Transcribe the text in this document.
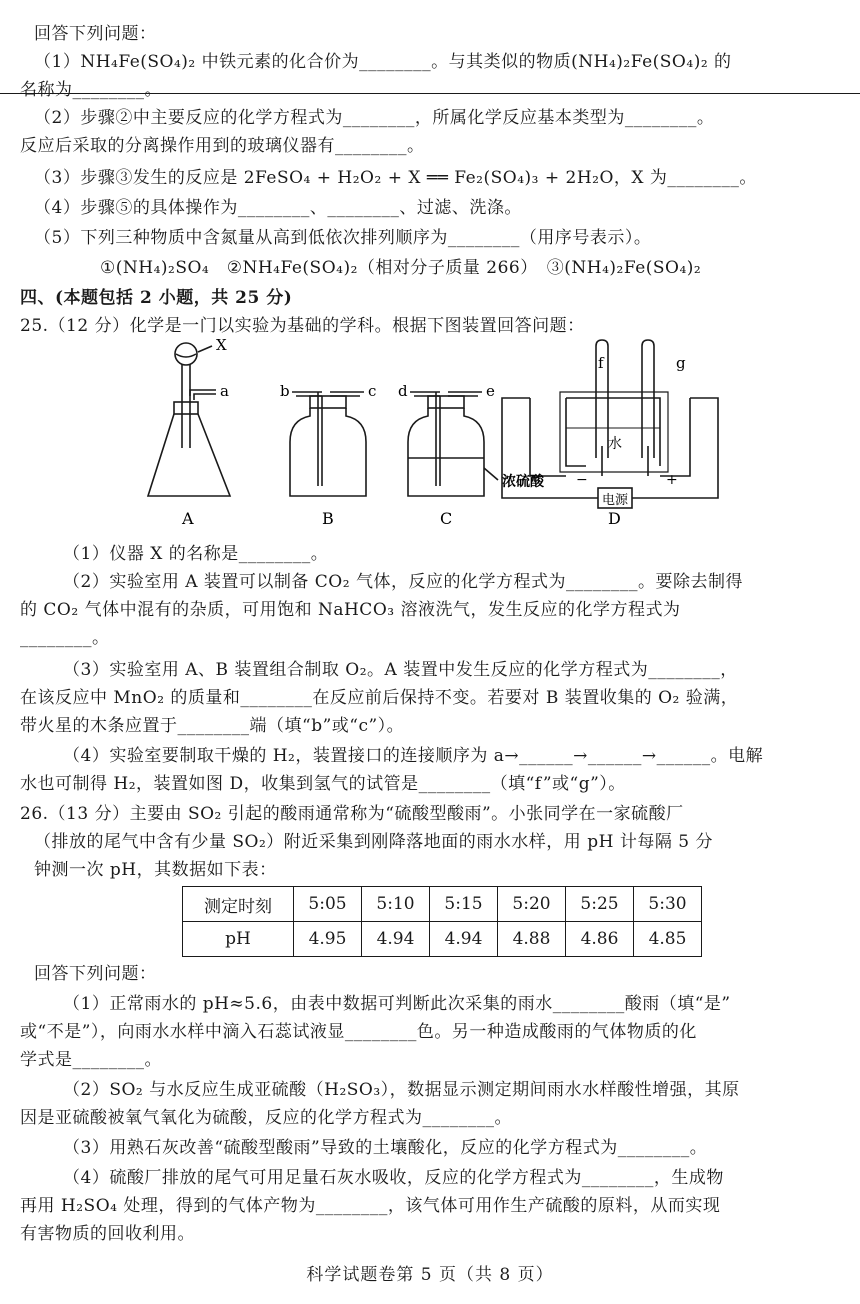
回答下列问题：
（1）NH₄Fe(SO₄)₂ 中铁元素的化合价为________。与其类似的物质(NH₄)₂Fe(SO₄)₂ 的
名称为________。
（2）步骤②中主要反应的化学方程式为________，所属化学反应基本类型为________。
反应后采取的分离操作用到的玻璃仪器有________。
（3）步骤③发生的反应是 2FeSO₄ + H₂O₂ + X ══ Fe₂(SO₄)₃ + 2H₂O，X 为________。
（4）步骤⑤的具体操作为________、________、过滤、洗涤。
（5）下列三种物质中含氮量从高到低依次排列顺序为________（用序号表示）。
①(NH₄)₂SO₄　②NH₄Fe(SO₄)₂（相对分子质量 266）　③(NH₄)₂Fe(SO₄)₂
四、(本题包括 2 小题，共 25 分)
25.（12 分）化学是一门以实验为基础的学科。根据下图装置回答问题：
X
a	b	c d	e
f	g
浓硫酸
水
电源
−	+
A	B	C	D
（1）仪器 X 的名称是________。
（2）实验室用 A 装置可以制备 CO₂ 气体，反应的化学方程式为________。要除去制得
的 CO₂ 气体中混有的杂质，可用饱和 NaHCO₃ 溶液洗气，发生反应的化学方程式为
________。
（3）实验室用 A、B 装置组合制取 O₂。A 装置中发生反应的化学方程式为________，
在该反应中 MnO₂ 的质量和________在反应前后保持不变。若要对 B 装置收集的 O₂ 验满，
带火星的木条应置于________端（填“b”或“c”）。
（4）实验室要制取干燥的 H₂，装置接口的连接顺序为 a→______→______→______。电解
水也可制得 H₂，装置如图 D，收集到氢气的试管是________（填“f”或“g”）。
26.（13 分）主要由 SO₂ 引起的酸雨通常称为“硫酸型酸雨”。小张同学在一家硫酸厂
（排放的尾气中含有少量 SO₂）附近采集到刚降落地面的雨水水样，用 pH 计每隔 5 分
钟测一次 pH，其数据如下表：
测定时刻	5:05	5:10	5:15	5:20	5:25	5:30
pH	4.95	4.94	4.94	4.88	4.86	4.85
回答下列问题：
（1）正常雨水的 pH≈5.6，由表中数据可判断此次采集的雨水________酸雨（填“是”
或“不是”），向雨水水样中滴入石蕊试液显________色。另一种造成酸雨的气体物质的化
学式是________。
（2）SO₂ 与水反应生成亚硫酸（H₂SO₃），数据显示测定期间雨水水样酸性增强，其原
因是亚硫酸被氧气氧化为硫酸，反应的化学方程式为________。
（3）用熟石灰改善“硫酸型酸雨”导致的土壤酸化，反应的化学方程式为________。
（4）硫酸厂排放的尾气可用足量石灰水吸收，反应的化学方程式为________，生成物
再用 H₂SO₄ 处理，得到的气体产物为________，该气体可用作生产硫酸的原料，从而实现
有害物质的回收利用。
科学试题卷第 5 页（共 8 页）
